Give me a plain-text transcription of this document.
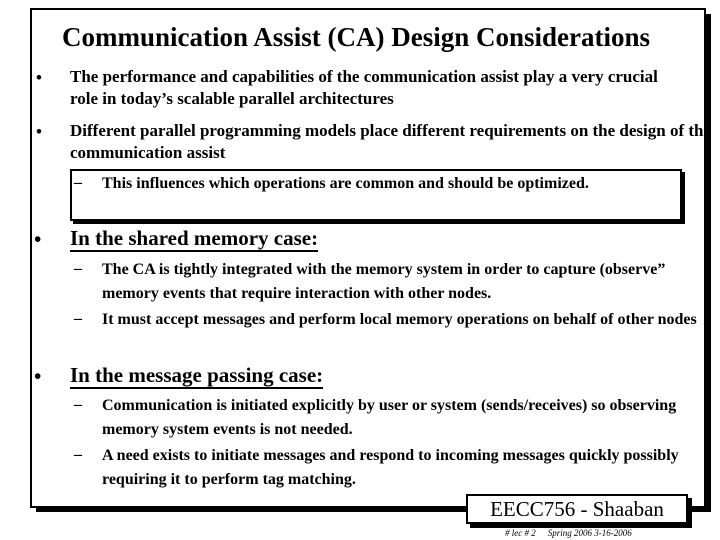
Communication Assist (CA) Design Considerations
• The performance and capabilities of the communication assist play a very crucial role in today’s scalable parallel architectures
• Different parallel programming models place different requirements on the design of the communication assist
– This influences which operations are common and should be optimized.
• In the shared memory case:
– The CA is tightly integrated with the memory system in order to capture (observe” memory events that require interaction with other nodes.
– It must accept messages and perform local memory operations on behalf of other nodes
• In the message passing case:
– Communication is initiated explicitly by user or system (sends/receives) so observing memory system events is not needed.
– A need exists to initiate messages and respond to incoming messages quickly possibly requiring it to perform tag matching.
EECC756 - Shaaban
# lec # 2 Spring 2006 3-16-2006
